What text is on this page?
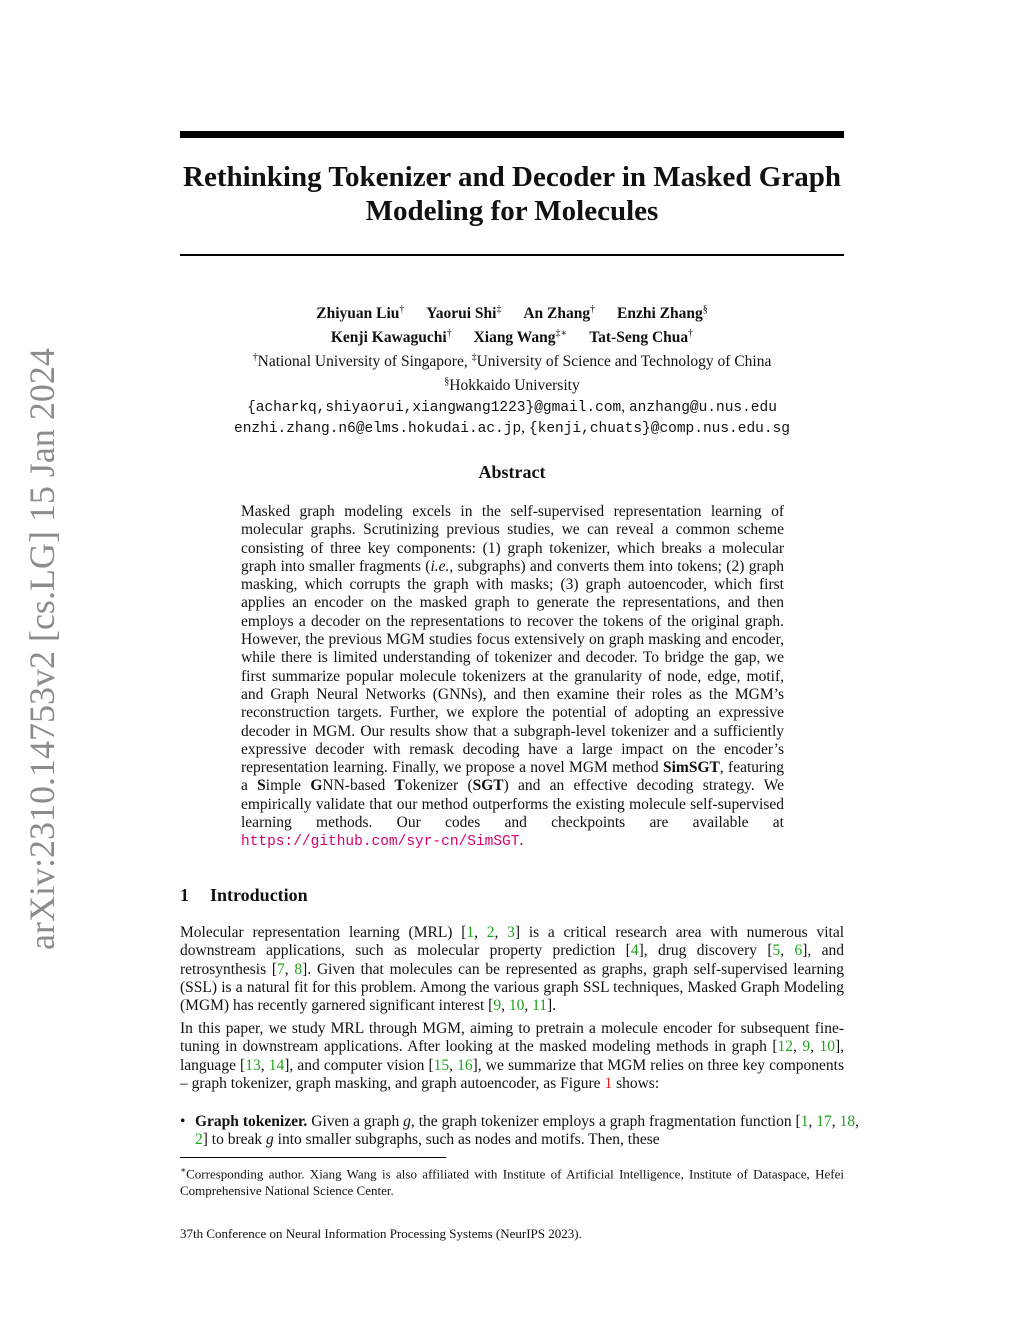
arXiv:2310.14753v2 [cs.LG] 15 Jan 2024
Rethinking Tokenizer and Decoder in Masked Graph
Modeling for Molecules
Zhiyuan Liu† Yaorui Shi‡ An Zhang† Enzhi Zhang§
Kenji Kawaguchi† Xiang Wang‡∗ Tat-Seng Chua†
†National University of Singapore, ‡University of Science and Technology of China
§Hokkaido University
{acharkq,shiyaorui,xiangwang1223}@gmail.com, anzhang@u.nus.edu
enzhi.zhang.n6@elms.hokudai.ac.jp, {kenji,chuats}@comp.nus.edu.sg
Abstract

Masked graph modeling excels in the self-supervised representation learning of molecular graphs. Scrutinizing previous studies, we can reveal a common scheme consisting of three key components: (1) graph tokenizer, which breaks a molecular graph into smaller fragments (i.e., subgraphs) and converts them into tokens; (2) graph masking, which corrupts the graph with masks; (3) graph autoencoder, which first applies an encoder on the masked graph to generate the representations, and then employs a decoder on the representations to recover the tokens of the original graph. However, the previous MGM studies focus extensively on graph masking and encoder, while there is limited understanding of tokenizer and decoder. To bridge the gap, we first summarize popular molecule tokenizers at the granularity of node, edge, motif, and Graph Neural Networks (GNNs), and then examine their roles as the MGM’s reconstruction targets. Further, we explore the potential of adopting an expressive decoder in MGM. Our results show that a subgraph-level tokenizer and a sufficiently expressive decoder with remask decoding have a large impact on the encoder’s representation learning. Finally, we propose a novel MGM method SimSGT, featuring a Simple GNN-based Tokenizer (SGT) and an effective decoding strategy. We empirically validate that our method outperforms the existing molecule self-supervised learning methods. Our codes and checkpoints are available at https://github.com/syr-cn/SimSGT.

1 Introduction

Molecular representation learning (MRL) [1, 2, 3] is a critical research area with numerous vital downstream applications, such as molecular property prediction [4], drug discovery [5, 6], and retrosynthesis [7, 8]. Given that molecules can be represented as graphs, graph self-supervised learning (SSL) is a natural fit for this problem. Among the various graph SSL techniques, Masked Graph Modeling (MGM) has recently garnered significant interest [9, 10, 11].

In this paper, we study MRL through MGM, aiming to pretrain a molecule encoder for subsequent fine-tuning in downstream applications. After looking at the masked modeling methods in graph [12, 9, 10], language [13, 14], and computer vision [15, 16], we summarize that MGM relies on three key components – graph tokenizer, graph masking, and graph autoencoder, as Figure 1 shows:

• Graph tokenizer. Given a graph g, the graph tokenizer employs a graph fragmentation function [1, 17, 18, 2] to break g into smaller subgraphs, such as nodes and motifs. Then, these

∗Corresponding author. Xiang Wang is also affiliated with Institute of Artificial Intelligence, Institute of Dataspace, Hefei Comprehensive National Science Center.

37th Conference on Neural Information Processing Systems (NeurIPS 2023).
